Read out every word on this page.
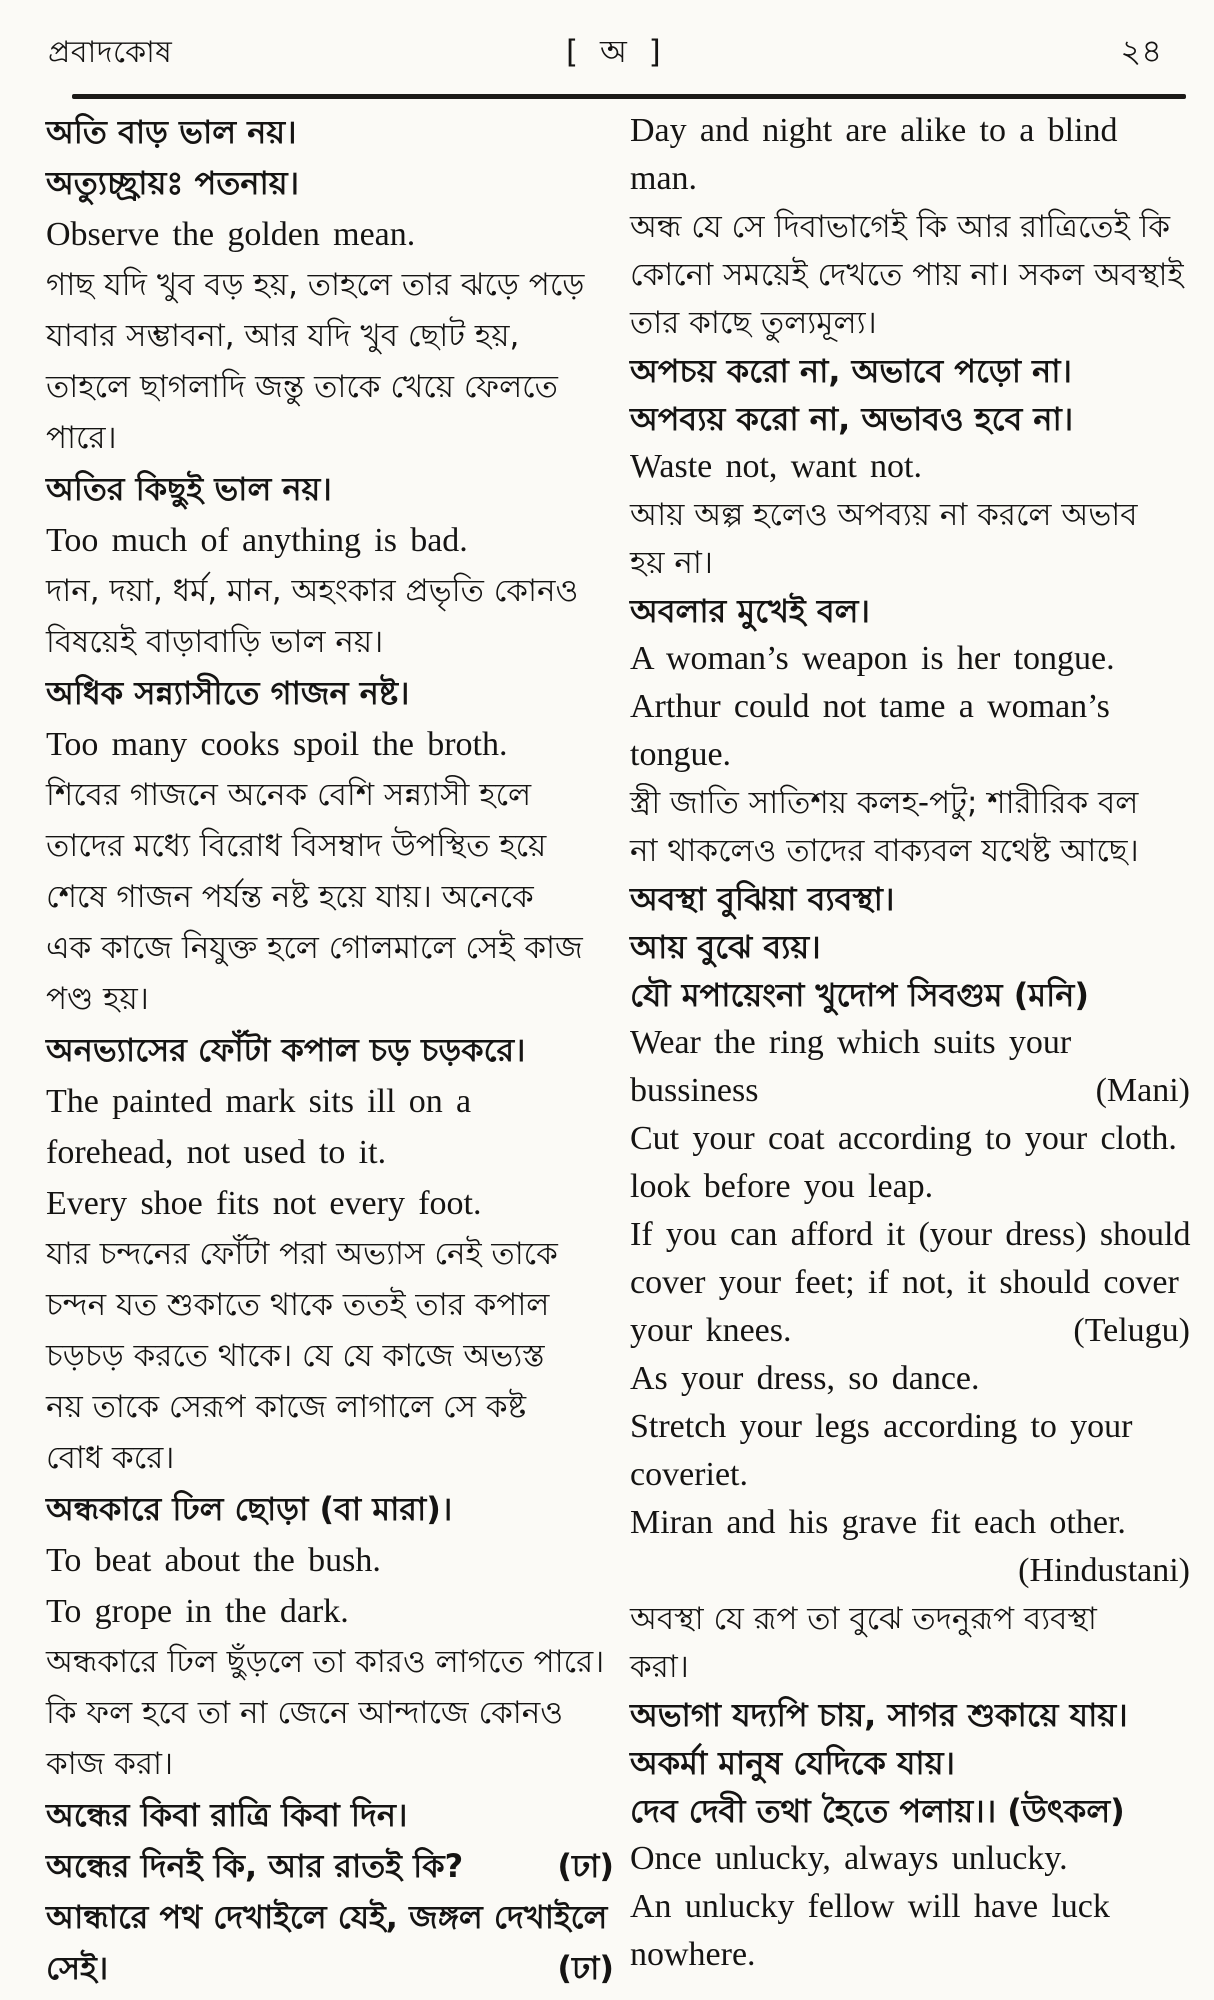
প্রবাদকোষ	[ অ ]	২৪
অতি বাড় ভাল নয়।
অত্যুচ্ছ্রায়ঃ পতনায়।
Observe the golden mean.
গাছ যদি খুব বড় হয়, তাহলে তার ঝড়ে পড়ে
যাবার সম্ভাবনা, আর যদি খুব ছোট হয়,
তাহলে ছাগলাদি জন্তু তাকে খেয়ে ফেলতে
পারে।
অতির কিছুই ভাল নয়।
Too much of anything is bad.
দান, দয়া, ধর্ম, মান, অহংকার প্রভৃতি কোনও
বিষয়েই বাড়াবাড়ি ভাল নয়।
অধিক সন্ন্যাসীতে গাজন নষ্ট।
Too many cooks spoil the broth.
শিবের গাজনে অনেক বেশি সন্ন্যাসী হলে
তাদের মধ্যে বিরোধ বিসম্বাদ উপস্থিত হয়ে
শেষে গাজন পর্যন্ত নষ্ট হয়ে যায়। অনেকে
এক কাজে নিযুক্ত হলে গোলমালে সেই কাজ
পণ্ড হয়।
অনভ্যাসের ফোঁটা কপাল চড় চড়করে।
The painted mark sits ill on a
forehead, not used to it.
Every shoe fits not every foot.
যার চন্দনের ফোঁটা পরা অভ্যাস নেই তাকে
চন্দন যত শুকাতে থাকে ততই তার কপাল
চড়চড় করতে থাকে। যে যে কাজে অভ্যস্ত
নয় তাকে সেরূপ কাজে লাগালে সে কষ্ট
বোধ করে।
অন্ধকারে ঢিল ছোড়া (বা মারা)।
To beat about the bush.
To grope in the dark.
অন্ধকারে ঢিল ছুঁড়লে তা কারও লাগতে পারে।
কি ফল হবে তা না জেনে আন্দাজে কোনও
কাজ করা।
অন্ধের কিবা রাত্রি কিবা দিন।
অন্ধের দিনই কি, আর রাতই কি?	(ঢা)
আন্ধারে পথ দেখাইলে যেই, জঙ্গল দেখাইলে
সেই।	(ঢা)
Day and night are alike to a blind
man.
অন্ধ যে সে দিবাভাগেই কি আর রাত্রিতেই কি
কোনো সময়েই দেখতে পায় না। সকল অবস্থাই
তার কাছে তুল্যমূল্য।
অপচয় করো না, অভাবে পড়ো না।
অপব্যয় করো না, অভাবও হবে না।
Waste not, want not.
আয় অল্প হলেও অপব্যয় না করলে অভাব
হয় না।
অবলার মুখেই বল।
A woman’s weapon is her tongue.
Arthur could not tame a woman’s
tongue.
স্ত্রী জাতি সাতিশয় কলহ-পটু; শারীরিক বল
না থাকলেও তাদের বাক্যবল যথেষ্ট আছে।
অবস্থা বুঝিয়া ব্যবস্থা।
আয় বুঝে ব্যয়।
যৌ মপায়েংনা খুদোপ সিবগুম (মনি)
Wear the ring which suits your
bussiness	(Mani)
Cut your coat according to your cloth.
look before you leap.
If you can afford it (your dress) should
cover your feet; if not, it should cover
your knees.	(Telugu)
As your dress, so dance.
Stretch your legs according to your
coveriet.
Miran and his grave fit each other.
(Hindustani)
অবস্থা যে রূপ তা বুঝে তদনুরূপ ব্যবস্থা
করা।
অভাগা যদ্যপি চায়, সাগর শুকায়ে যায়।
অকর্মা মানুষ যেদিকে যায়।
দেব দেবী তথা হৈতে পলায়।। (উৎকল)
Once unlucky, always unlucky.
An unlucky fellow will have luck
nowhere.
